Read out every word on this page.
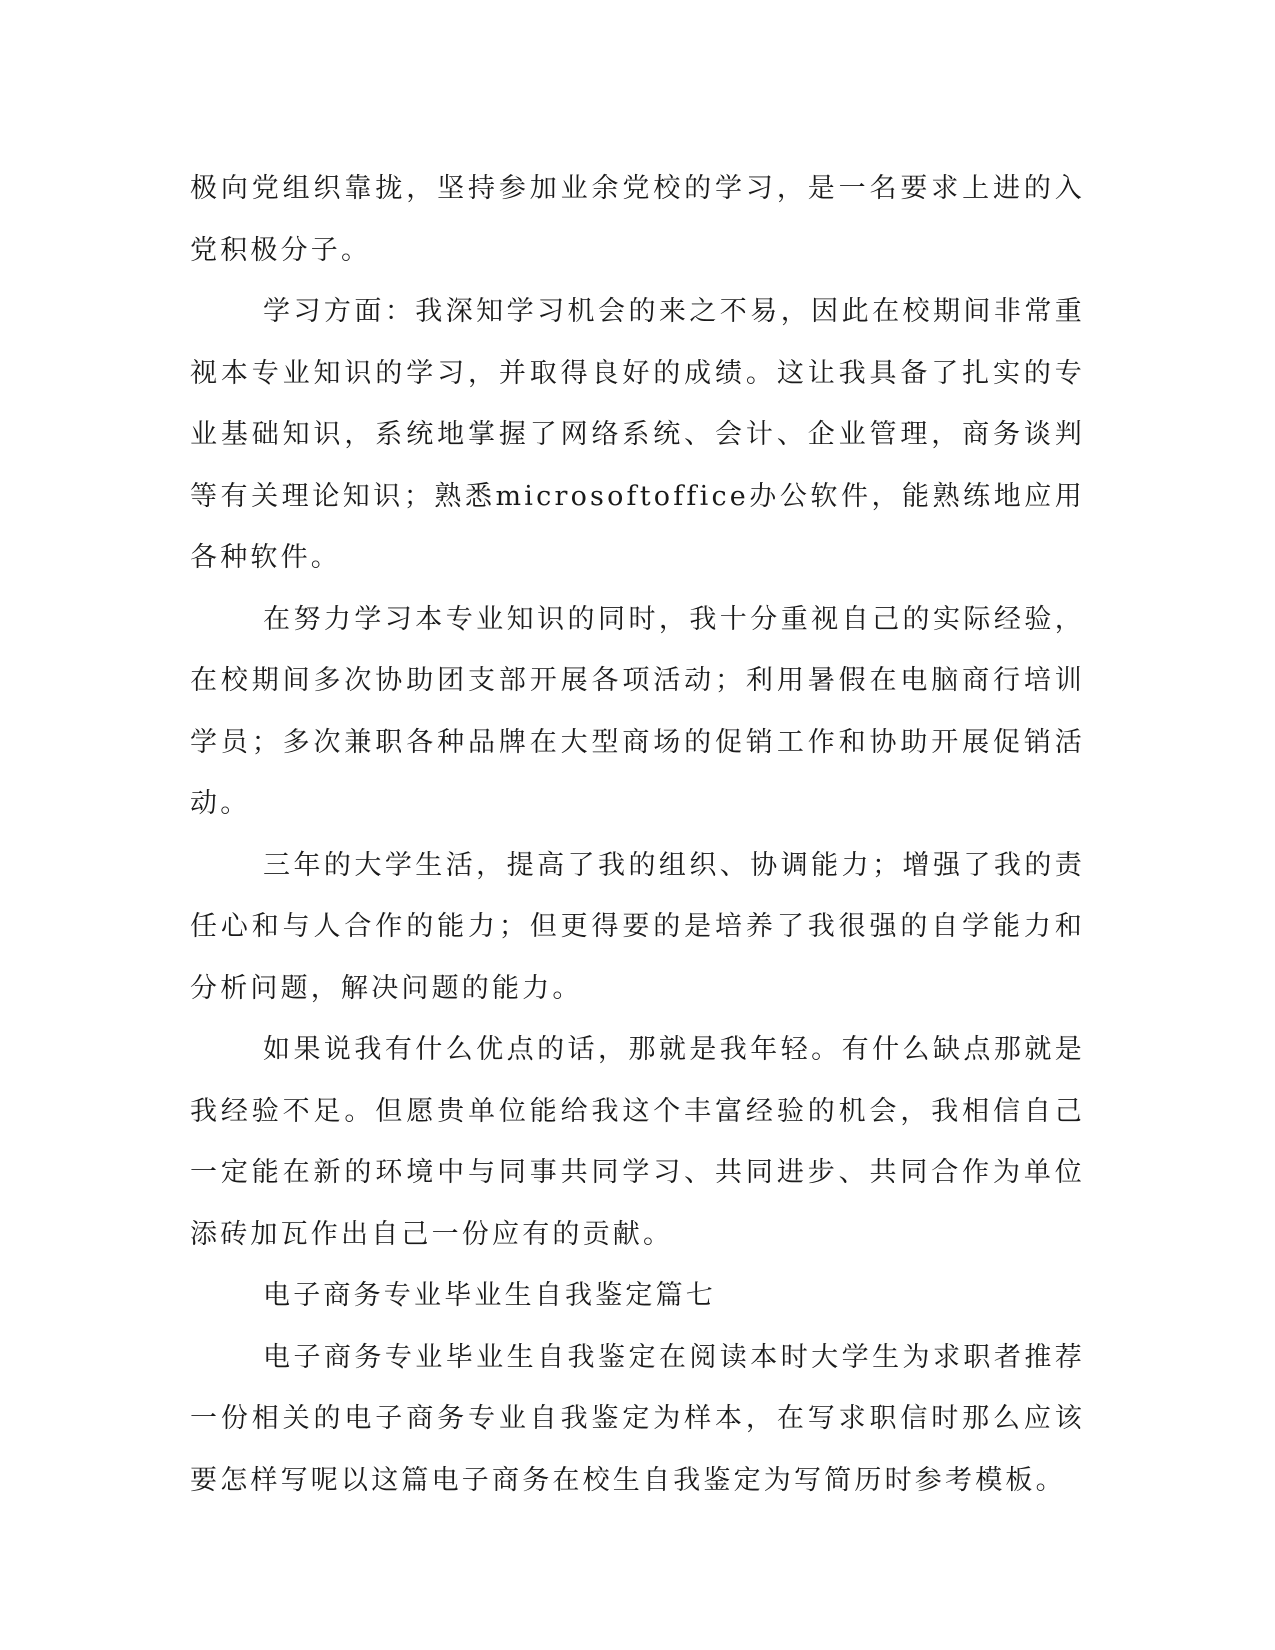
极向党组织靠拢，坚持参加业余党校的学习，是一名要求上进的入党积极分子。

学习方面：我深知学习机会的来之不易，因此在校期间非常重视本专业知识的学习，并取得良好的成绩。这让我具备了扎实的专业基础知识，系统地掌握了网络系统、会计、企业管理，商务谈判等有关理论知识；熟悉microsoftoffice办公软件，能熟练地应用各种软件。

在努力学习本专业知识的同时，我十分重视自己的实际经验，在校期间多次协助团支部开展各项活动；利用暑假在电脑商行培训学员；多次兼职各种品牌在大型商场的促销工作和协助开展促销活动。

三年的大学生活，提高了我的组织、协调能力；增强了我的责任心和与人合作的能力；但更得要的是培养了我很强的自学能力和分析问题，解决问题的能力。

如果说我有什么优点的话，那就是我年轻。有什么缺点那就是我经验不足。但愿贵单位能给我这个丰富经验的机会，我相信自己一定能在新的环境中与同事共同学习、共同进步、共同合作为单位添砖加瓦作出自己一份应有的贡献。

电子商务专业毕业生自我鉴定篇七

电子商务专业毕业生自我鉴定在阅读本时大学生为求职者推荐一份相关的电子商务专业自我鉴定为样本，在写求职信时那么应该要怎样写呢以这篇电子商务在校生自我鉴定为写简历时参考模板。
